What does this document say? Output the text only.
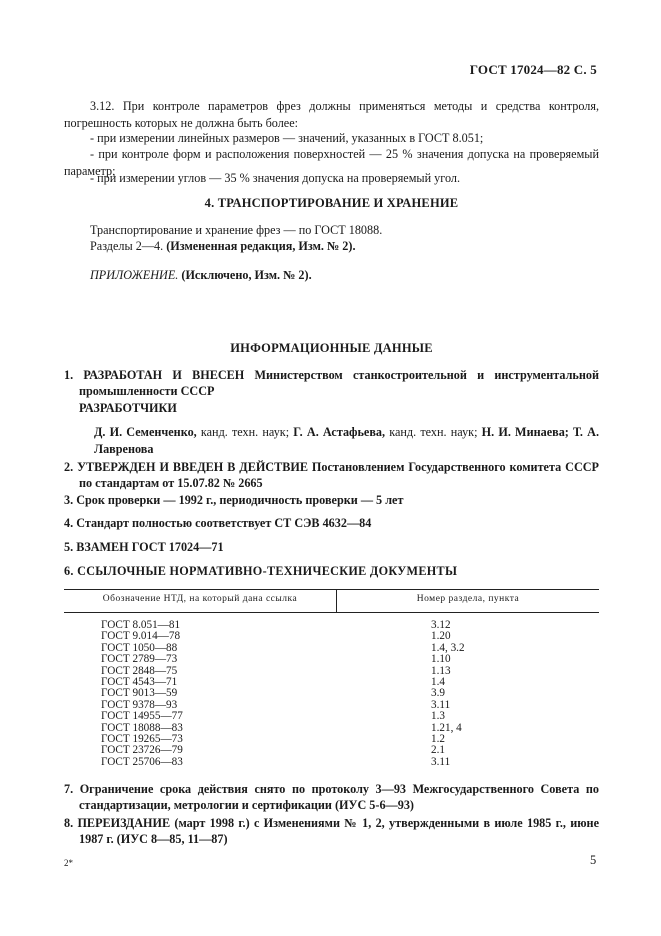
ГОСТ 17024—82 С. 5
3.12. При контроле параметров фрез должны применяться методы и средства контроля, погрешность которых не должна быть более:
- при измерении линейных размеров — значений, указанных в ГОСТ 8.051;
- при контроле форм и расположения поверхностей — 25 % значения допуска на проверяемый параметр;
- при измерении углов — 35 % значения допуска на проверяемый угол.
4. ТРАНСПОРТИРОВАНИЕ И ХРАНЕНИЕ
Транспортирование и хранение фрез — по ГОСТ 18088.
Разделы 2—4. (Измененная редакция, Изм. № 2).
ПРИЛОЖЕНИЕ. (Исключено, Изм. № 2).
ИНФОРМАЦИОННЫЕ ДАННЫЕ
1. РАЗРАБОТАН И ВНЕСЕН Министерством станкостроительной и инструментальной промышленности СССР
РАЗРАБОТЧИКИ
Д. И. Семенченко, канд. техн. наук; Г. А. Астафьева, канд. техн. наук; Н. И. Минаева; Т. А. Лавренова
2. УТВЕРЖДЕН И ВВЕДЕН В ДЕЙСТВИЕ Постановлением Государственного комитета СССР по стандартам от 15.07.82 № 2665
3. Срок проверки — 1992 г., периодичность проверки — 5 лет
4. Стандарт полностью соответствует СТ СЭВ 4632—84
5. ВЗАМЕН ГОСТ 17024—71
6. ССЫЛОЧНЫЕ НОРМАТИВНО-ТЕХНИЧЕСКИЕ ДОКУМЕНТЫ
Обозначение НТД, на который дана ссылка	Номер раздела, пункта
ГОСТ 8.051—81
ГОСТ 9.014—78
ГОСТ 1050—88
ГОСТ 2789—73
ГОСТ 2848—75
ГОСТ 4543—71
ГОСТ 9013—59
ГОСТ 9378—93
ГОСТ 14955—77
ГОСТ 18088—83
ГОСТ 19265—73
ГОСТ 23726—79
ГОСТ 25706—83
3.12
1.20
1.4, 3.2
1.10
1.13
1.4
3.9
3.11
1.3
1.21, 4
1.2
2.1
3.11
7. Ограничение срока действия снято по протоколу 3—93 Межгосударственного Совета по стандартизации, метрологии и сертификации (ИУС 5-6—93)
8. ПЕРЕИЗДАНИЕ (март 1998 г.) с Изменениями № 1, 2, утвержденными в июле 1985 г., июне 1987 г. (ИУС 8—85, 11—87)
2*	5
